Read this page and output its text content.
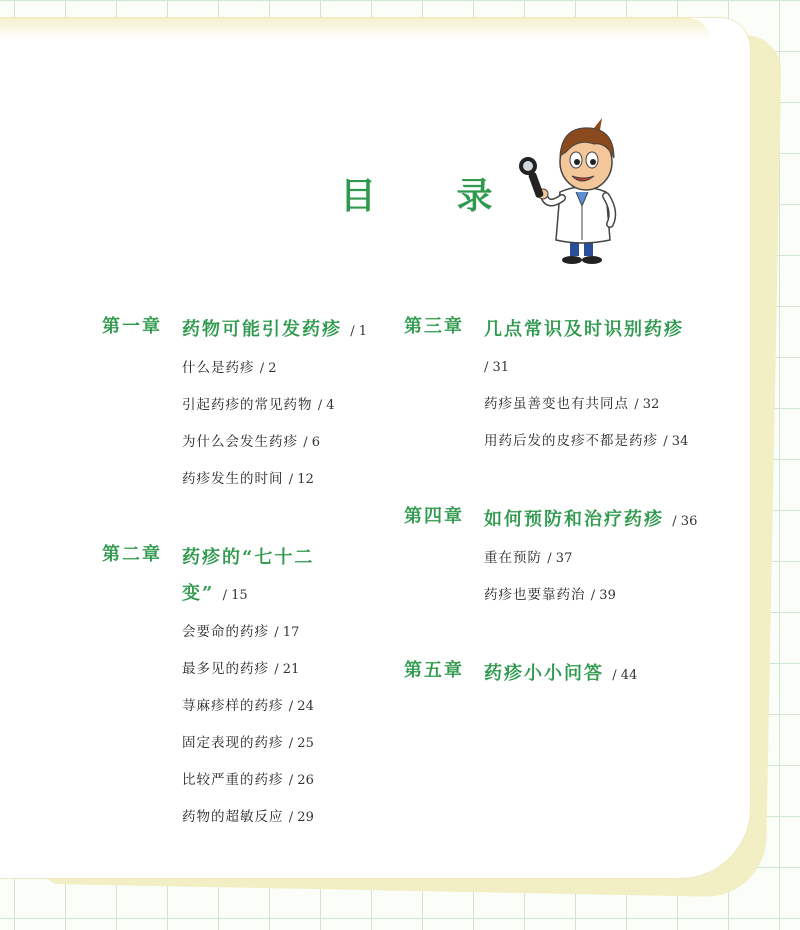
目 录
第一章 药物可能引发药疹 / 1
什么是药疹 / 2
引起药疹的常见药物 / 4
为什么会发生药疹 / 6
药疹发生的时间 / 12
第二章 药疹的“七十二变” / 15
会要命的药疹 / 17
最多见的药疹 / 21
荨麻疹样的药疹 / 24
固定表现的药疹 / 25
比较严重的药疹 / 26
药物的超敏反应 / 29
第三章 几点常识及时识别药疹 / 31
药疹虽善变也有共同点 / 32
用药后发的皮疹不都是药疹 / 34
第四章 如何预防和治疗药疹 / 36
重在预防 / 37
药疹也要靠药治 / 39
第五章 药疹小小问答 / 44
